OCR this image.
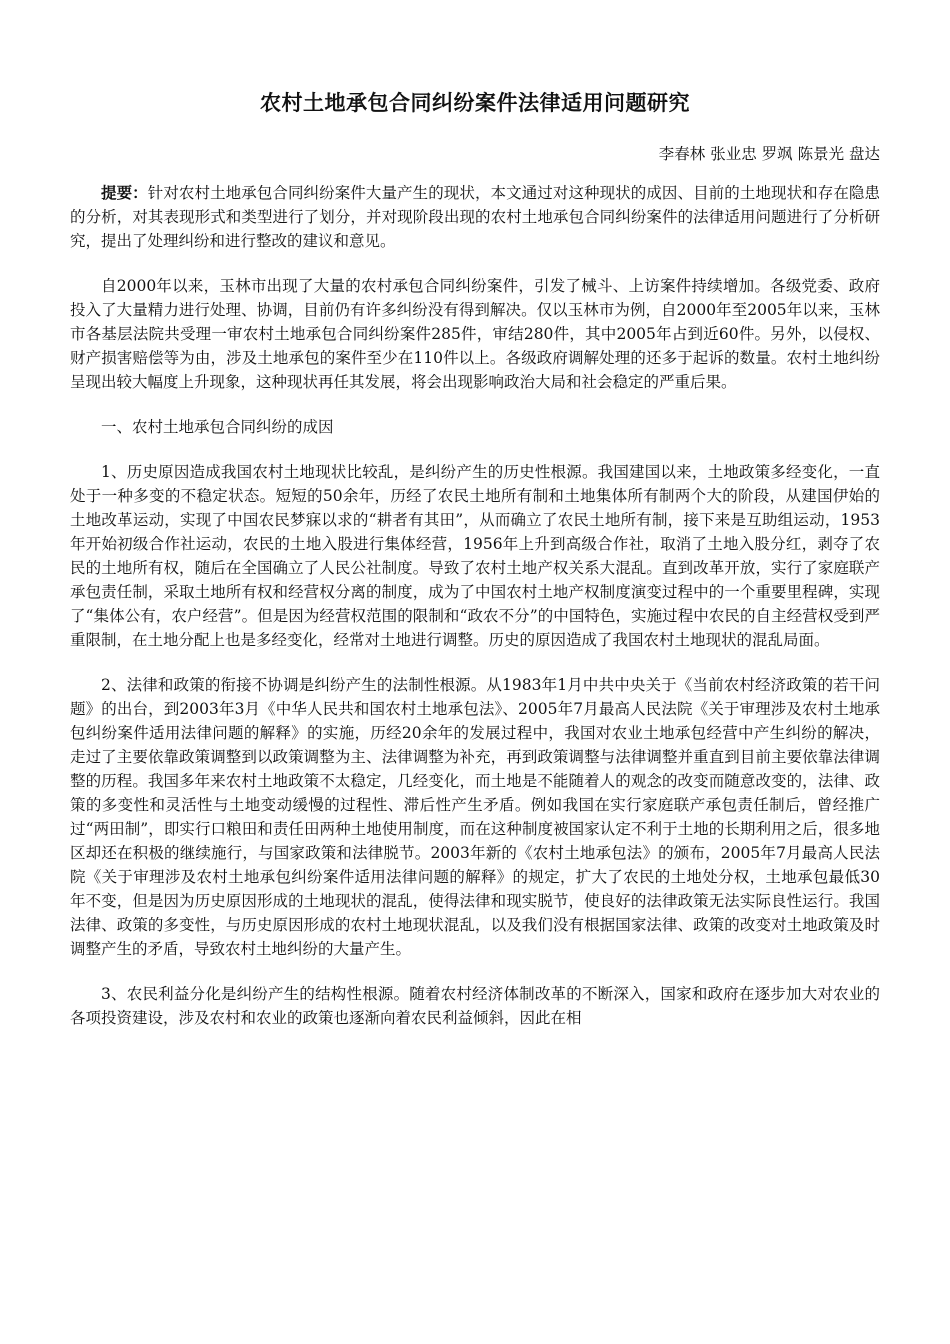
农村土地承包合同纠纷案件法律适用问题研究
李春林 张业忠 罗飒 陈景光 盘达

提要：针对农村土地承包合同纠纷案件大量产生的现状，本文通过对这种现状的成因、目前的土地现状和存在隐患的分析，对其表现形式和类型进行了划分，并对现阶段出现的农村土地承包合同纠纷案件的法律适用问题进行了分析研究，提出了处理纠纷和进行整改的建议和意见。

自2000年以来，玉林市出现了大量的农村承包合同纠纷案件，引发了械斗、上访案件持续增加。各级党委、政府投入了大量精力进行处理、协调，目前仍有许多纠纷没有得到解决。仅以玉林市为例，自2000年至2005年以来，玉林市各基层法院共受理一审农村土地承包合同纠纷案件285件，审结280件，其中2005年占到近60件。另外，以侵权、财产损害赔偿等为由，涉及土地承包的案件至少在110件以上。各级政府调解处理的还多于起诉的数量。农村土地纠纷呈现出较大幅度上升现象，这种现状再任其发展，将会出现影响政治大局和社会稳定的严重后果。

一、农村土地承包合同纠纷的成因

1、历史原因造成我国农村土地现状比较乱，是纠纷产生的历史性根源。我国建国以来，土地政策多经变化，一直处于一种多变的不稳定状态。短短的50余年，历经了农民土地所有制和土地集体所有制两个大的阶段，从建国伊始的土地改革运动，实现了中国农民梦寐以求的“耕者有其田”，从而确立了农民土地所有制，接下来是互助组运动，1953年开始初级合作社运动，农民的土地入股进行集体经营，1956年上升到高级合作社，取消了土地入股分红，剥夺了农民的土地所有权，随后在全国确立了人民公社制度。导致了农村土地产权关系大混乱。直到改革开放，实行了家庭联产承包责任制，采取土地所有权和经营权分离的制度，成为了中国农村土地产权制度演变过程中的一个重要里程碑，实现了“集体公有，农户经营”。但是因为经营权范围的限制和“政农不分”的中国特色，实施过程中农民的自主经营权受到严重限制，在土地分配上也是多经变化，经常对土地进行调整。历史的原因造成了我国农村土地现状的混乱局面。

2、法律和政策的衔接不协调是纠纷产生的法制性根源。从1983年1月中共中央关于《当前农村经济政策的若干问题》的出台，到2003年3月《中华人民共和国农村土地承包法》、2005年7月最高人民法院《关于审理涉及农村土地承包纠纷案件适用法律问题的解释》的实施，历经20余年的发展过程中，我国对农业土地承包经营中产生纠纷的解决，走过了主要依靠政策调整到以政策调整为主、法律调整为补充，再到政策调整与法律调整并重直到目前主要依靠法律调整的历程。我国多年来农村土地政策不太稳定，几经变化，而土地是不能随着人的观念的改变而随意改变的，法律、政策的多变性和灵活性与土地变动缓慢的过程性、滞后性产生矛盾。例如我国在实行家庭联产承包责任制后，曾经推广过“两田制”，即实行口粮田和责任田两种土地使用制度，而在这种制度被国家认定不利于土地的长期利用之后，很多地区却还在积极的继续施行，与国家政策和法律脱节。2003年新的《农村土地承包法》的颁布，2005年7月最高人民法院《关于审理涉及农村土地承包纠纷案件适用法律问题的解释》的规定，扩大了农民的土地处分权，土地承包最低30年不变，但是因为历史原因形成的土地现状的混乱，使得法律和现实脱节，使良好的法律政策无法实际良性运行。我国法律、政策的多变性，与历史原因形成的农村土地现状混乱，以及我们没有根据国家法律、政策的改变对土地政策及时调整产生的矛盾，导致农村土地纠纷的大量产生。

3、农民利益分化是纠纷产生的结构性根源。随着农村经济体制改革的不断深入，国家和政府在逐步加大对农业的各项投资建设，涉及农村和农业的政策也逐渐向着农民利益倾斜，因此在相
